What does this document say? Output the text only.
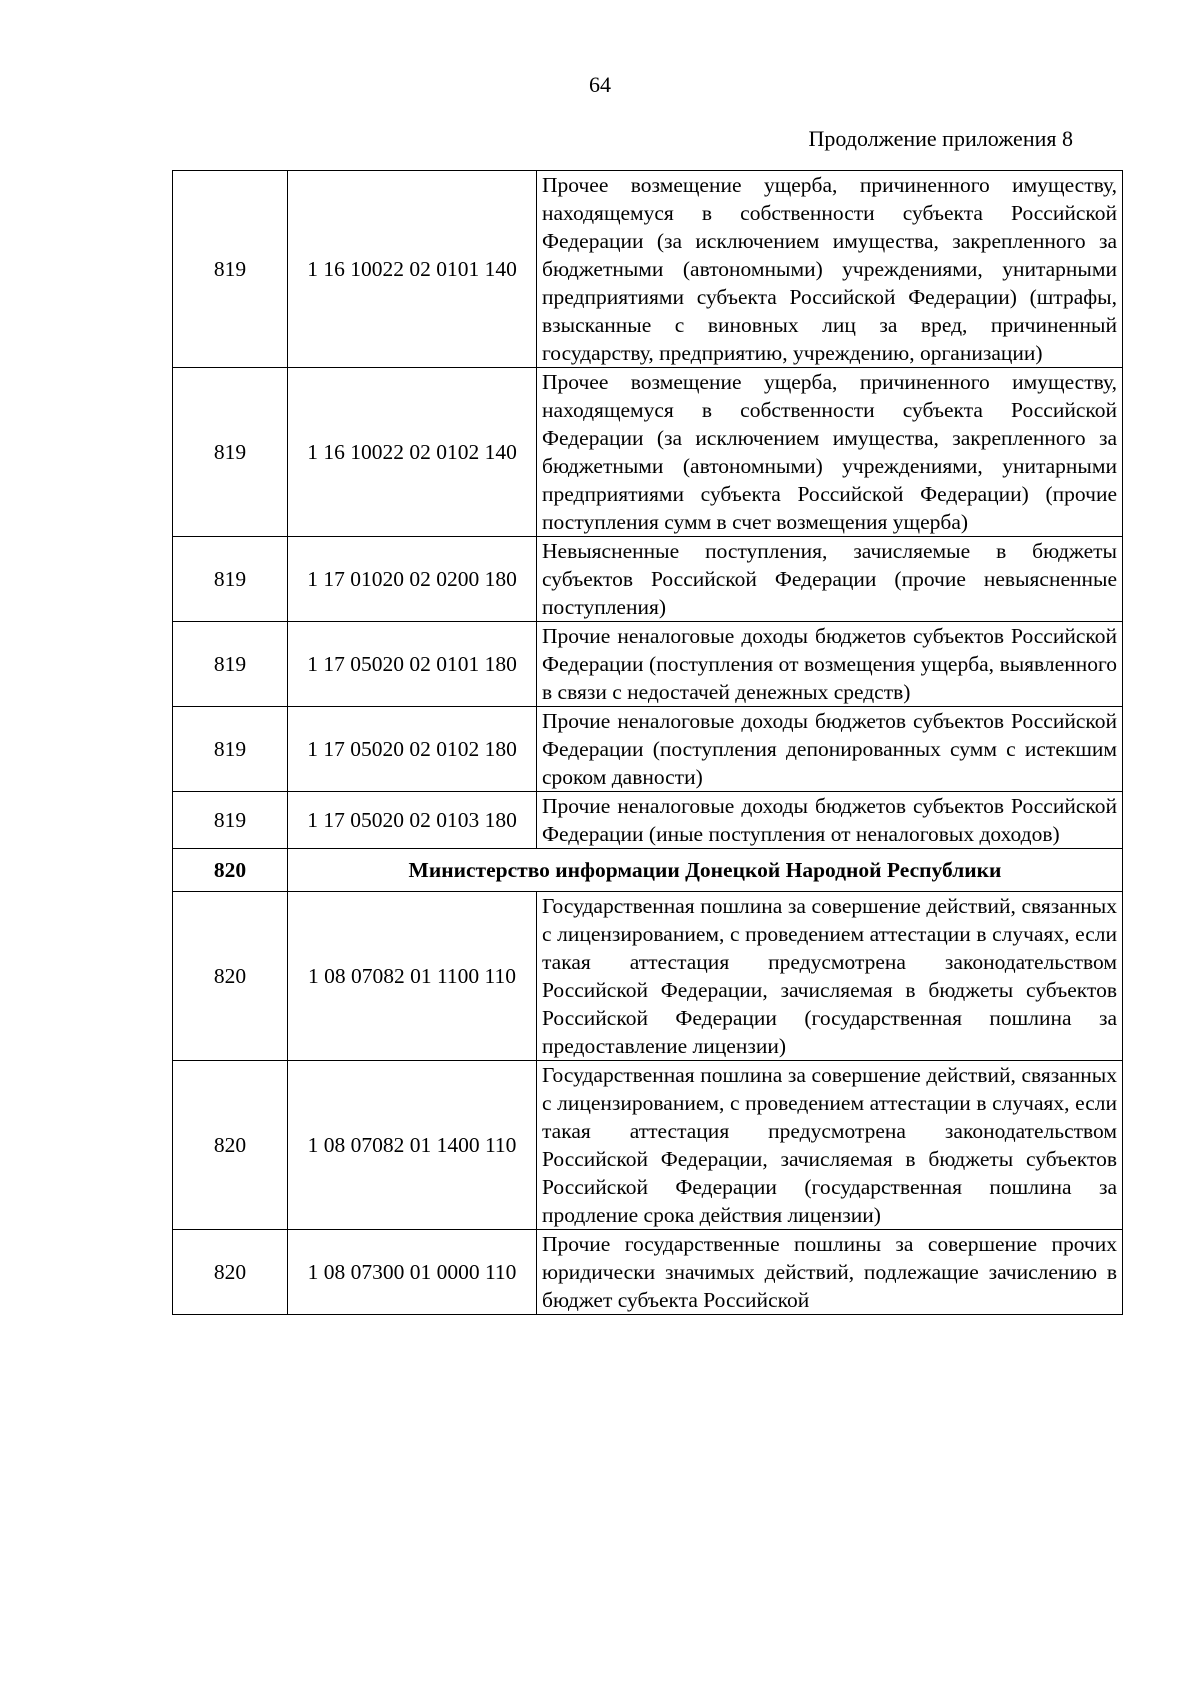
64
Продолжение приложения 8
819	1 16 10022 02 0101 140	Прочее возмещение ущерба, причиненного имуществу, находящемуся в собственности субъекта Российской Федерации (за исключением имущества, закрепленного за бюджетными (автономными) учреждениями, унитарными предприятиями субъекта Российской Федерации) (штрафы, взысканные с виновных лиц за вред, причиненный государству, предприятию, учреждению, организации)
819	1 16 10022 02 0102 140	Прочее возмещение ущерба, причиненного имуществу, находящемуся в собственности субъекта Российской Федерации (за исключением имущества, закрепленного за бюджетными (автономными) учреждениями, унитарными предприятиями субъекта Российской Федерации) (прочие поступления сумм в счет возмещения ущерба)
819	1 17 01020 02 0200 180	Невыясненные поступления, зачисляемые в бюджеты субъектов Российской Федерации (прочие невыясненные поступления)
819	1 17 05020 02 0101 180	Прочие неналоговые доходы бюджетов субъектов Российской Федерации (поступления от возмещения ущерба, выявленного в связи с недостачей денежных средств)
819	1 17 05020 02 0102 180	Прочие неналоговые доходы бюджетов субъектов Российской Федерации (поступления депонированных сумм с истекшим сроком давности)
819	1 17 05020 02 0103 180	Прочие неналоговые доходы бюджетов субъектов Российской Федерации (иные поступления от неналоговых доходов)
820	Министерство информации Донецкой Народной Республики	
820	1 08 07082 01 1100 110	Государственная пошлина за совершение действий, связанных с лицензированием, с проведением аттестации в случаях, если такая аттестация предусмотрена законодательством Российской Федерации, зачисляемая в бюджеты субъектов Российской Федерации (государственная пошлина за предоставление лицензии)
820	1 08 07082 01 1400 110	Государственная пошлина за совершение действий, связанных с лицензированием, с проведением аттестации в случаях, если такая аттестация предусмотрена законодательством Российской Федерации, зачисляемая в бюджеты субъектов Российской Федерации (государственная пошлина за продление срока действия лицензии)
820	1 08 07300 01 0000 110	Прочие государственные пошлины за совершение прочих юридически значимых действий, подлежащие зачислению в бюджет субъекта Российской
